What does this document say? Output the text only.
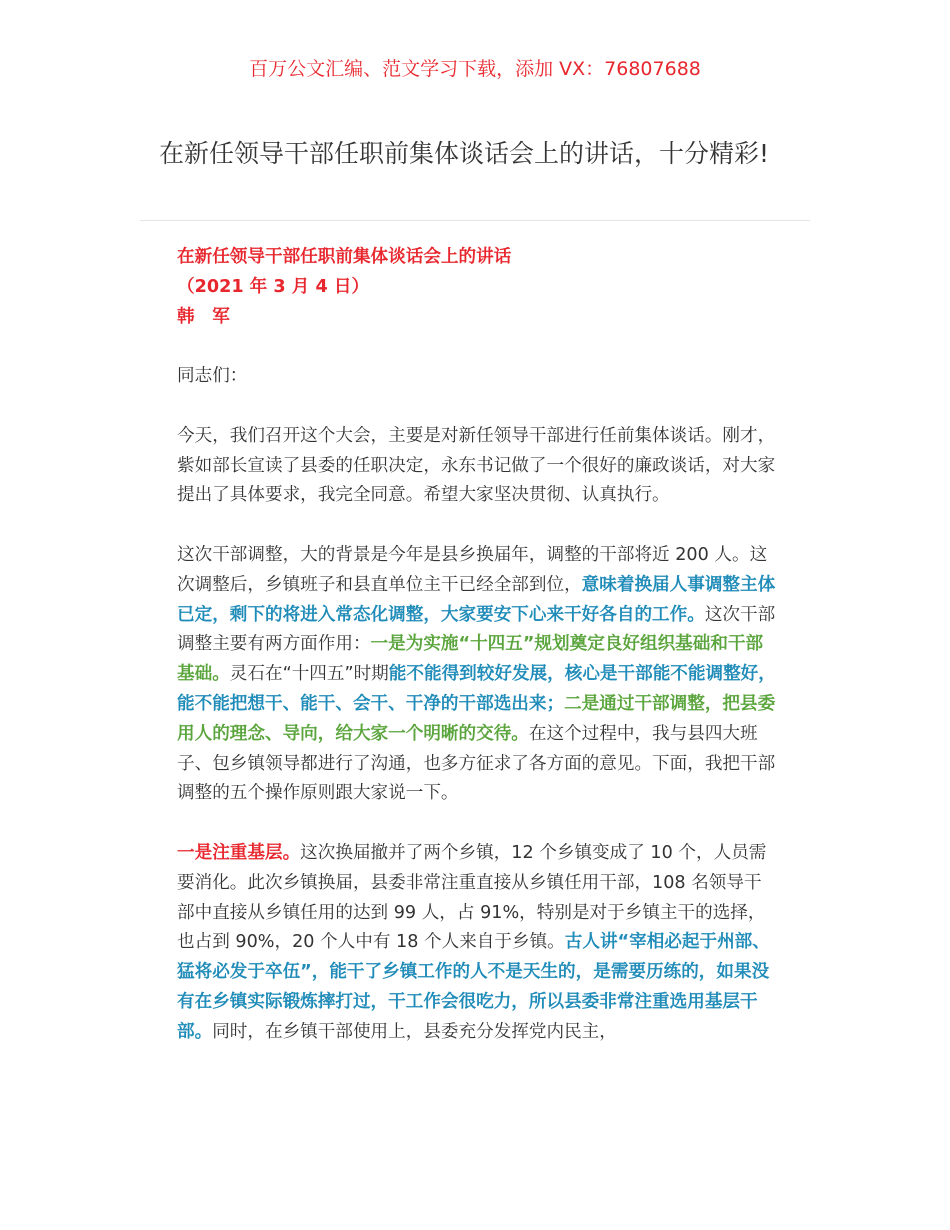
百万公文汇编、范文学习下载，添加 VX：76807688
在新任领导干部任职前集体谈话会上的讲话，十分精彩!

在新任领导干部任职前集体谈话会上的讲话

（2021 年 3 月 4 日）

韩　军

同志们：

今天，我们召开这个大会，主要是对新任领导干部进行任前集体谈话。刚才，紫如部长宣读了县委的任职决定，永东书记做了一个很好的廉政谈话，对大家提出了具体要求，我完全同意。希望大家坚决贯彻、认真执行。

这次干部调整，大的背景是今年是县乡换届年，调整的干部将近 200 人。这次调整后，乡镇班子和县直单位主干已经全部到位，意味着换届人事调整主体已定，剩下的将进入常态化调整，大家要安下心来干好各自的工作。这次干部调整主要有两方面作用：一是为实施“十四五”规划奠定良好组织基础和干部基础。灵石在“十四五”时期能不能得到较好发展，核心是干部能不能调整好，能不能把想干、能干、会干、干净的干部选出来；二是通过干部调整，把县委用人的理念、导向，给大家一个明晰的交待。在这个过程中，我与县四大班子、包乡镇领导都进行了沟通，也多方征求了各方面的意见。下面，我把干部调整的五个操作原则跟大家说一下。

一是注重基层。这次换届撤并了两个乡镇，12 个乡镇变成了 10 个，人员需要消化。此次乡镇换届，县委非常注重直接从乡镇任用干部，108 名领导干部中直接从乡镇任用的达到 99 人，占 91%，特别是对于乡镇主干的选择，也占到 90%，20 个人中有 18 个人来自于乡镇。古人讲“宰相必起于州部、猛将必发于卒伍”，能干了乡镇工作的人不是天生的，是需要历练的，如果没有在乡镇实际锻炼摔打过，干工作会很吃力，所以县委非常注重选用基层干部。同时，在乡镇干部使用上，县委充分发挥党内民主，
